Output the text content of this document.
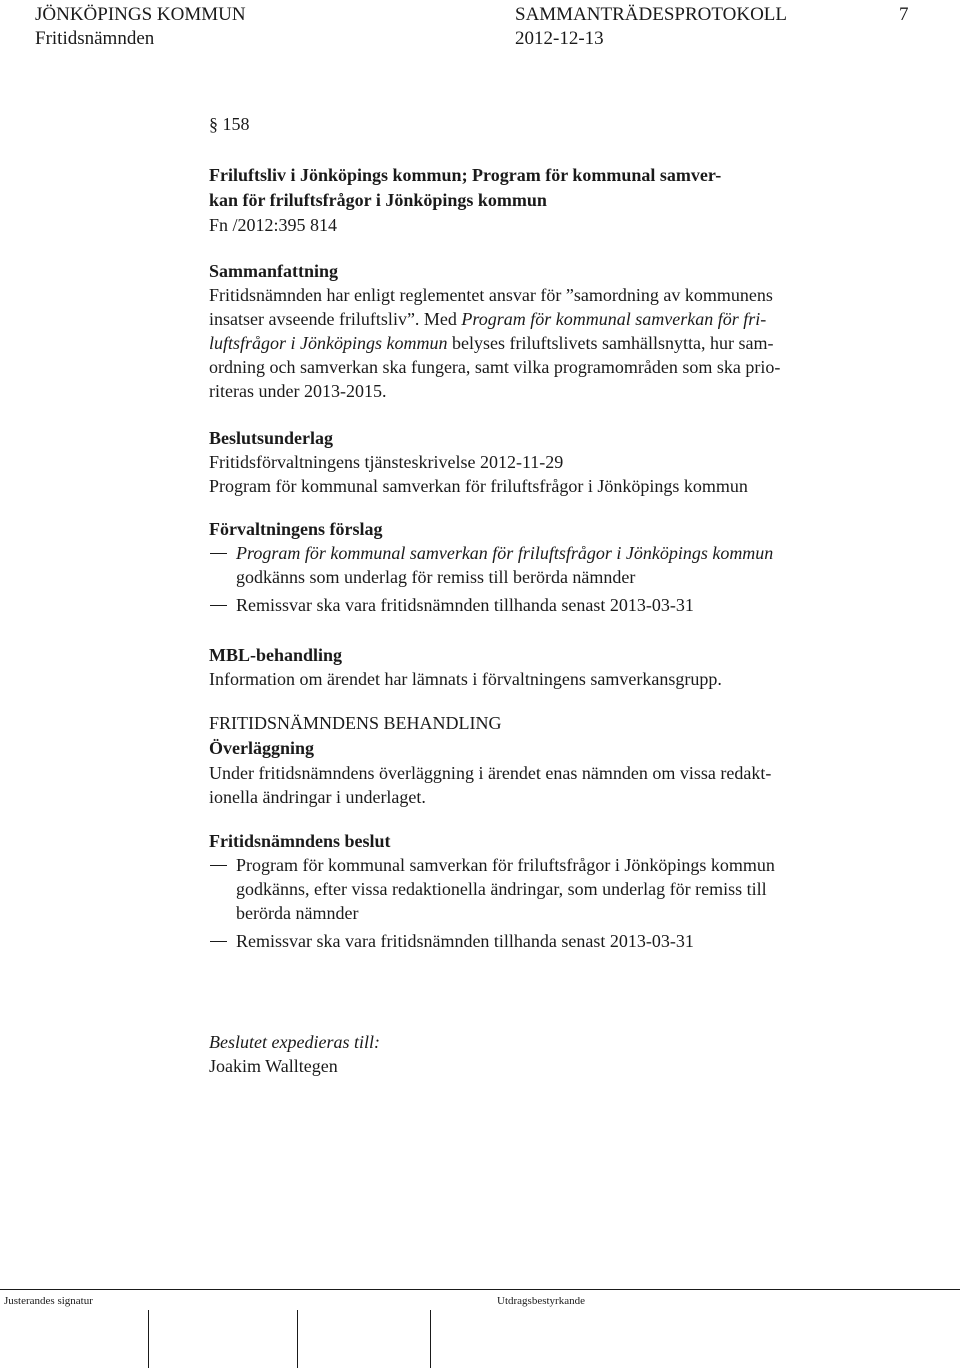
JÖNKÖPINGS KOMMUN	SAMMANTRÄDESPROTOKOLL	7
Fritidsnämnden	2012-12-13
§ 158
Friluftsliv i Jönköpings kommun; Program för kommunal samver-
kan för friluftsfrågor i Jönköpings kommun
Fn /2012:395 814
Sammanfattning
Fritidsnämnden har enligt reglementet ansvar för ”samordning av kommunens
insatser avseende friluftsliv”. Med Program för kommunal samverkan för fri-
luftsfrågor i Jönköpings kommun belyses friluftslivets samhällsnytta, hur sam-
ordning och samverkan ska fungera, samt vilka programområden som ska prio-
riteras under 2013-2015.
Beslutsunderlag
Fritidsförvaltningens tjänsteskrivelse 2012-11-29
Program för kommunal samverkan för friluftsfrågor i Jönköpings kommun
Förvaltningens förslag
Program för kommunal samverkan för friluftsfrågor i Jönköpings kommun
godkänns som underlag för remiss till berörda nämnder
Remissvar ska vara fritidsnämnden tillhanda senast 2013-03-31
MBL-behandling
Information om ärendet har lämnats i förvaltningens samverkansgrupp.
FRITIDSNÄMNDENS BEHANDLING
Överläggning
Under fritidsnämndens överläggning i ärendet enas nämnden om vissa redakt-
ionella ändringar i underlaget.
Fritidsnämndens beslut
Program för kommunal samverkan för friluftsfrågor i Jönköpings kommun
godkänns, efter vissa redaktionella ändringar, som underlag för remiss till
berörda nämnder
Remissvar ska vara fritidsnämnden tillhanda senast 2013-03-31
Beslutet expedieras till:
Joakim Walltegen
Justerandes signatur	Utdragsbestyrkande
